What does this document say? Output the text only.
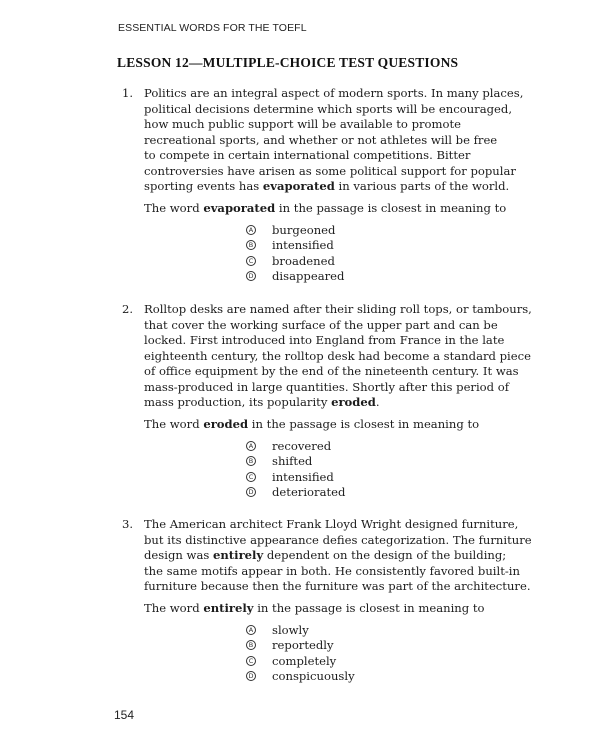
ESSENTIAL WORDS FOR THE TOEFL
LESSON 12—MULTIPLE-CHOICE TEST QUESTIONS
1. Politics are an integral aspect of modern sports. In many places,
political decisions determine which sports will be encouraged,
how much public support will be available to promote
recreational sports, and whether or not athletes will be free
to compete in certain international competitions. Bitter
controversies have arisen as some political support for popular
sporting events has evaporated in various parts of the world.
The word evaporated in the passage is closest in meaning to
A burgeoned
B intensified
C broadened
D disappeared
2. Rolltop desks are named after their sliding roll tops, or tambours,
that cover the working surface of the upper part and can be
locked. First introduced into England from France in the late
eighteenth century, the rolltop desk had become a standard piece
of office equipment by the end of the nineteenth century. It was
mass-produced in large quantities. Shortly after this period of
mass production, its popularity eroded.
The word eroded in the passage is closest in meaning to
A recovered
B shifted
C intensified
D deteriorated
3. The American architect Frank Lloyd Wright designed furniture,
but its distinctive appearance defies categorization. The furniture
design was entirely dependent on the design of the building;
the same motifs appear in both. He consistently favored built-in
furniture because then the furniture was part of the architecture.
The word entirely in the passage is closest in meaning to
A slowly
B reportedly
C completely
D conspicuously
154
